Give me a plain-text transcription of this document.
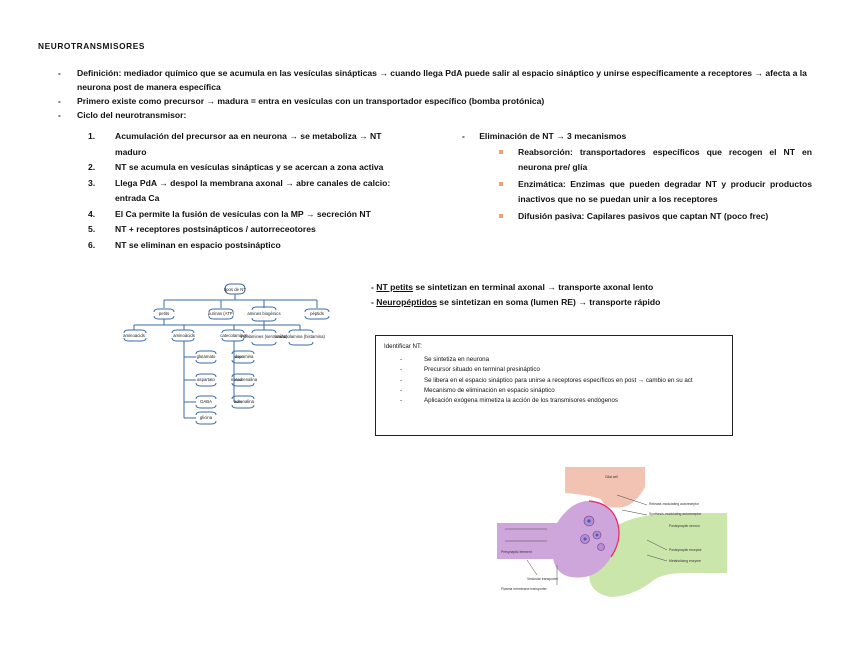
NEUROTRANSMISORES
- Definición: mediador químico que se acumula en las vesículas sinápticas → cuando llega PdA puede salir al espacio sináptico y unirse específicamente a receptores → afecta a la neurona post de manera específica
- Primero existe como precursor → madura = entra en vesículas con un transportador específico (bomba protónica)
- Ciclo del neurotransmisor:
1. Acumulación del precursor aa en neurona → se metaboliza → NT maduro
2. NT se acumula en vesículas sinápticas y se acercan a zona activa
3. Llega PdA → despol la membrana axonal → abre canales de calcio: entrada Ca
4. El Ca permite la fusión de vesículas con la MP → secreción NT
5. NT + receptores postsinápticos / autorreceotores
6. NT se eliminan en espacio postsináptico
- Eliminación de NT → 3 mecanismos
Reabsorción: transportadores específicos que recogen el NT en neurona pre/ glía
Enzimática: Enzimas que pueden degradar NT y producir productos inactivos que no se puedan unir a los receptores
Difusión pasiva: Capilares pasivos que captan NT (poco frec)
- NT petits se sintetizan en terminal axonal → transporte axonal lento
- Neuropéptidos se sintetizan en soma (lumen RE) → transporte rápido
tipos de NT
petits	purinas (ATP)	amines biogènics	pèptids
aminoacids	aminoàcids	catecolamines
indolamines (serotonina)
imidazolamina (histamina)
glutamato
aspartato
GABA
glicina
dopamina
noradrenalina
adrenalina
Identificar NT:
-	Se sintetiza en neurona
-	Precursor situado en terminal presináptico
-	Se libera en el espacio sináptico para unirse a receptores específicos en post → cambio en su act
-	Mecanismo de eliminación en espacio sináptico
-	Aplicación exógena mimetiza la acción de los transmisores endógenos
Glial cell
Release-modulating autoreceptor
Synthesis-modulating autoreceptor
Postsynaptic neuron
Postsynaptic receptor
Metabolizing enzyme
Presynaptic element
Vesicular transporter
Plasma membrane transporter
